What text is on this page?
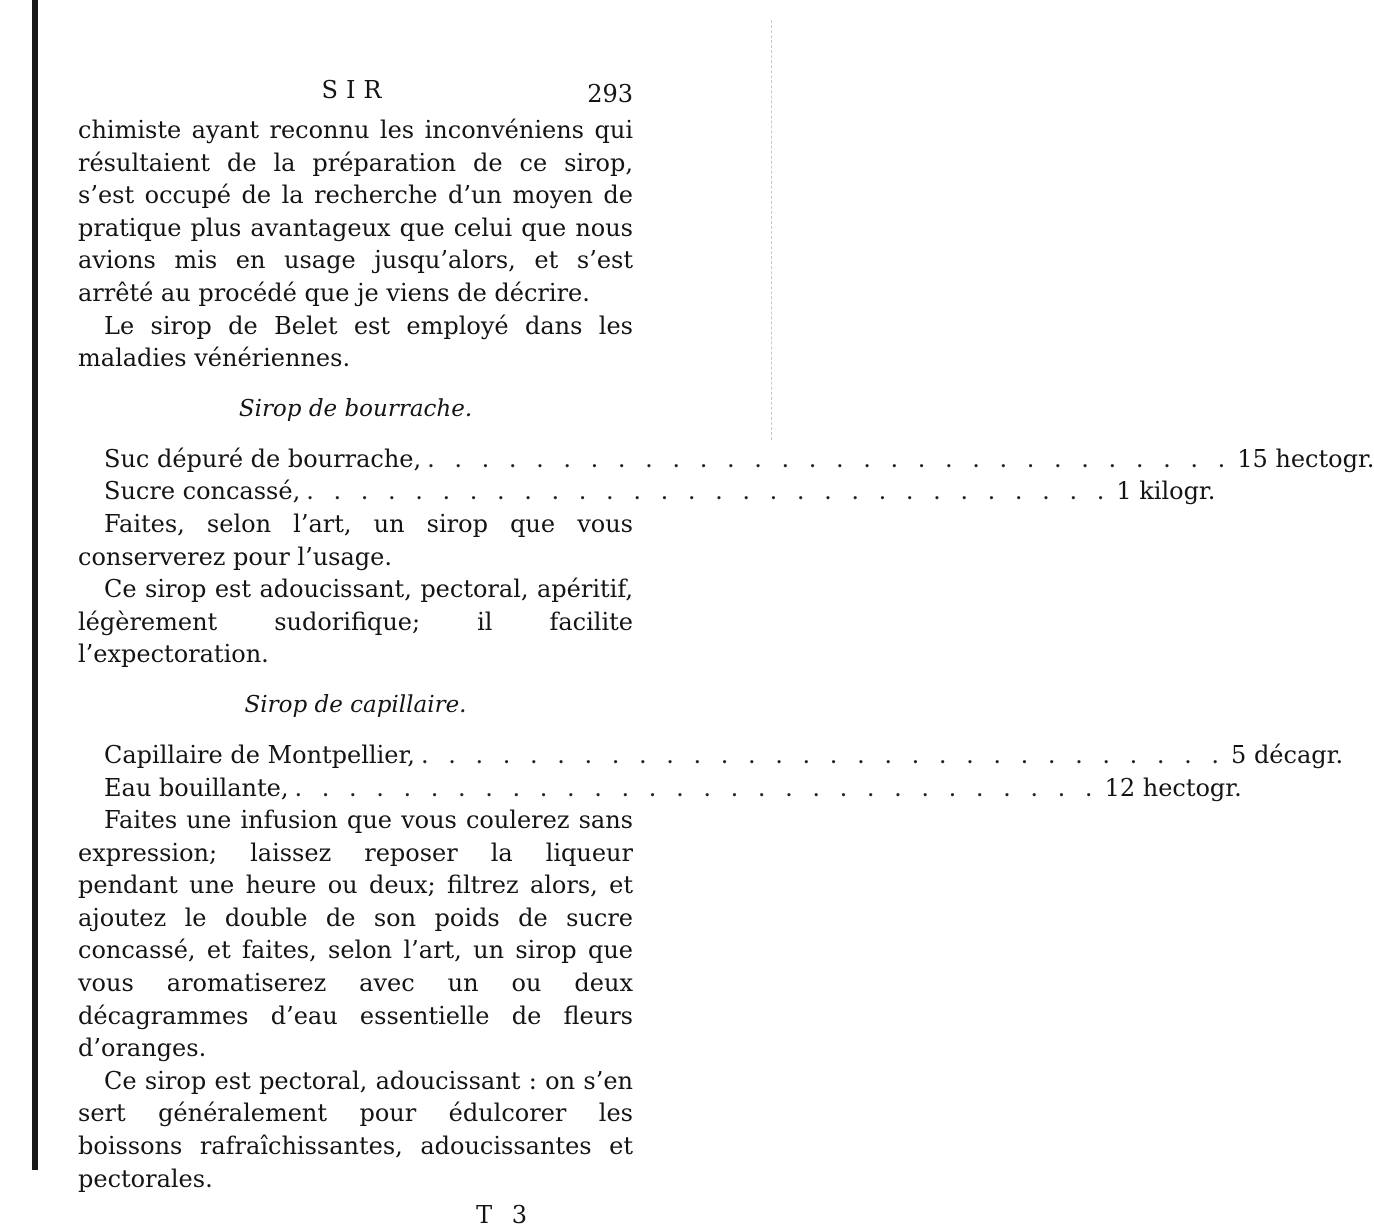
SIR	293

chimiste ayant reconnu les inconvéniens qui résultaient de la préparation de ce sirop, s’est occupé de la recherche d’un moyen de pratique plus avantageux que celui que nous avions mis en usage jusqu’alors, et s’est arrêté au procédé que je viens de décrire.

Le sirop de Belet est employé dans les maladies vénériennes.

Sirop de bourrache.
Suc dépuré de bourrache, . . . . . . . . . . . . . . . . . . . . . . . . . . . . . . 15 hectogr.
Sucre concassé, . . . . . . . . . . . . . . . . . . . . . . . . . . . . . . 1 kilogr.

Faites, selon l’art, un sirop que vous conserverez pour l’usage.

Ce sirop est adoucissant, pectoral, apéritif, légèrement sudorifique; il facilite l’expectoration.

Sirop de capillaire.
Capillaire de Montpellier, . . . . . . . . . . . . . . . . . . . . . . . . . . . . . . 5 décagr.
Eau bouillante, . . . . . . . . . . . . . . . . . . . . . . . . . . . . . . 12 hectogr.

Faites une infusion que vous coulerez sans expression; laissez reposer la liqueur pendant une heure ou deux; filtrez alors, et ajoutez le double de son poids de sucre concassé, et faites, selon l’art, un sirop que vous aromatiserez avec un ou deux décagrammes d’eau essentielle de fleurs d’oranges.

Ce sirop est pectoral, adoucissant : on s’en sert généralement pour édulcorer les boissons rafraîchissantes, adoucissantes et pectorales.

T 3
